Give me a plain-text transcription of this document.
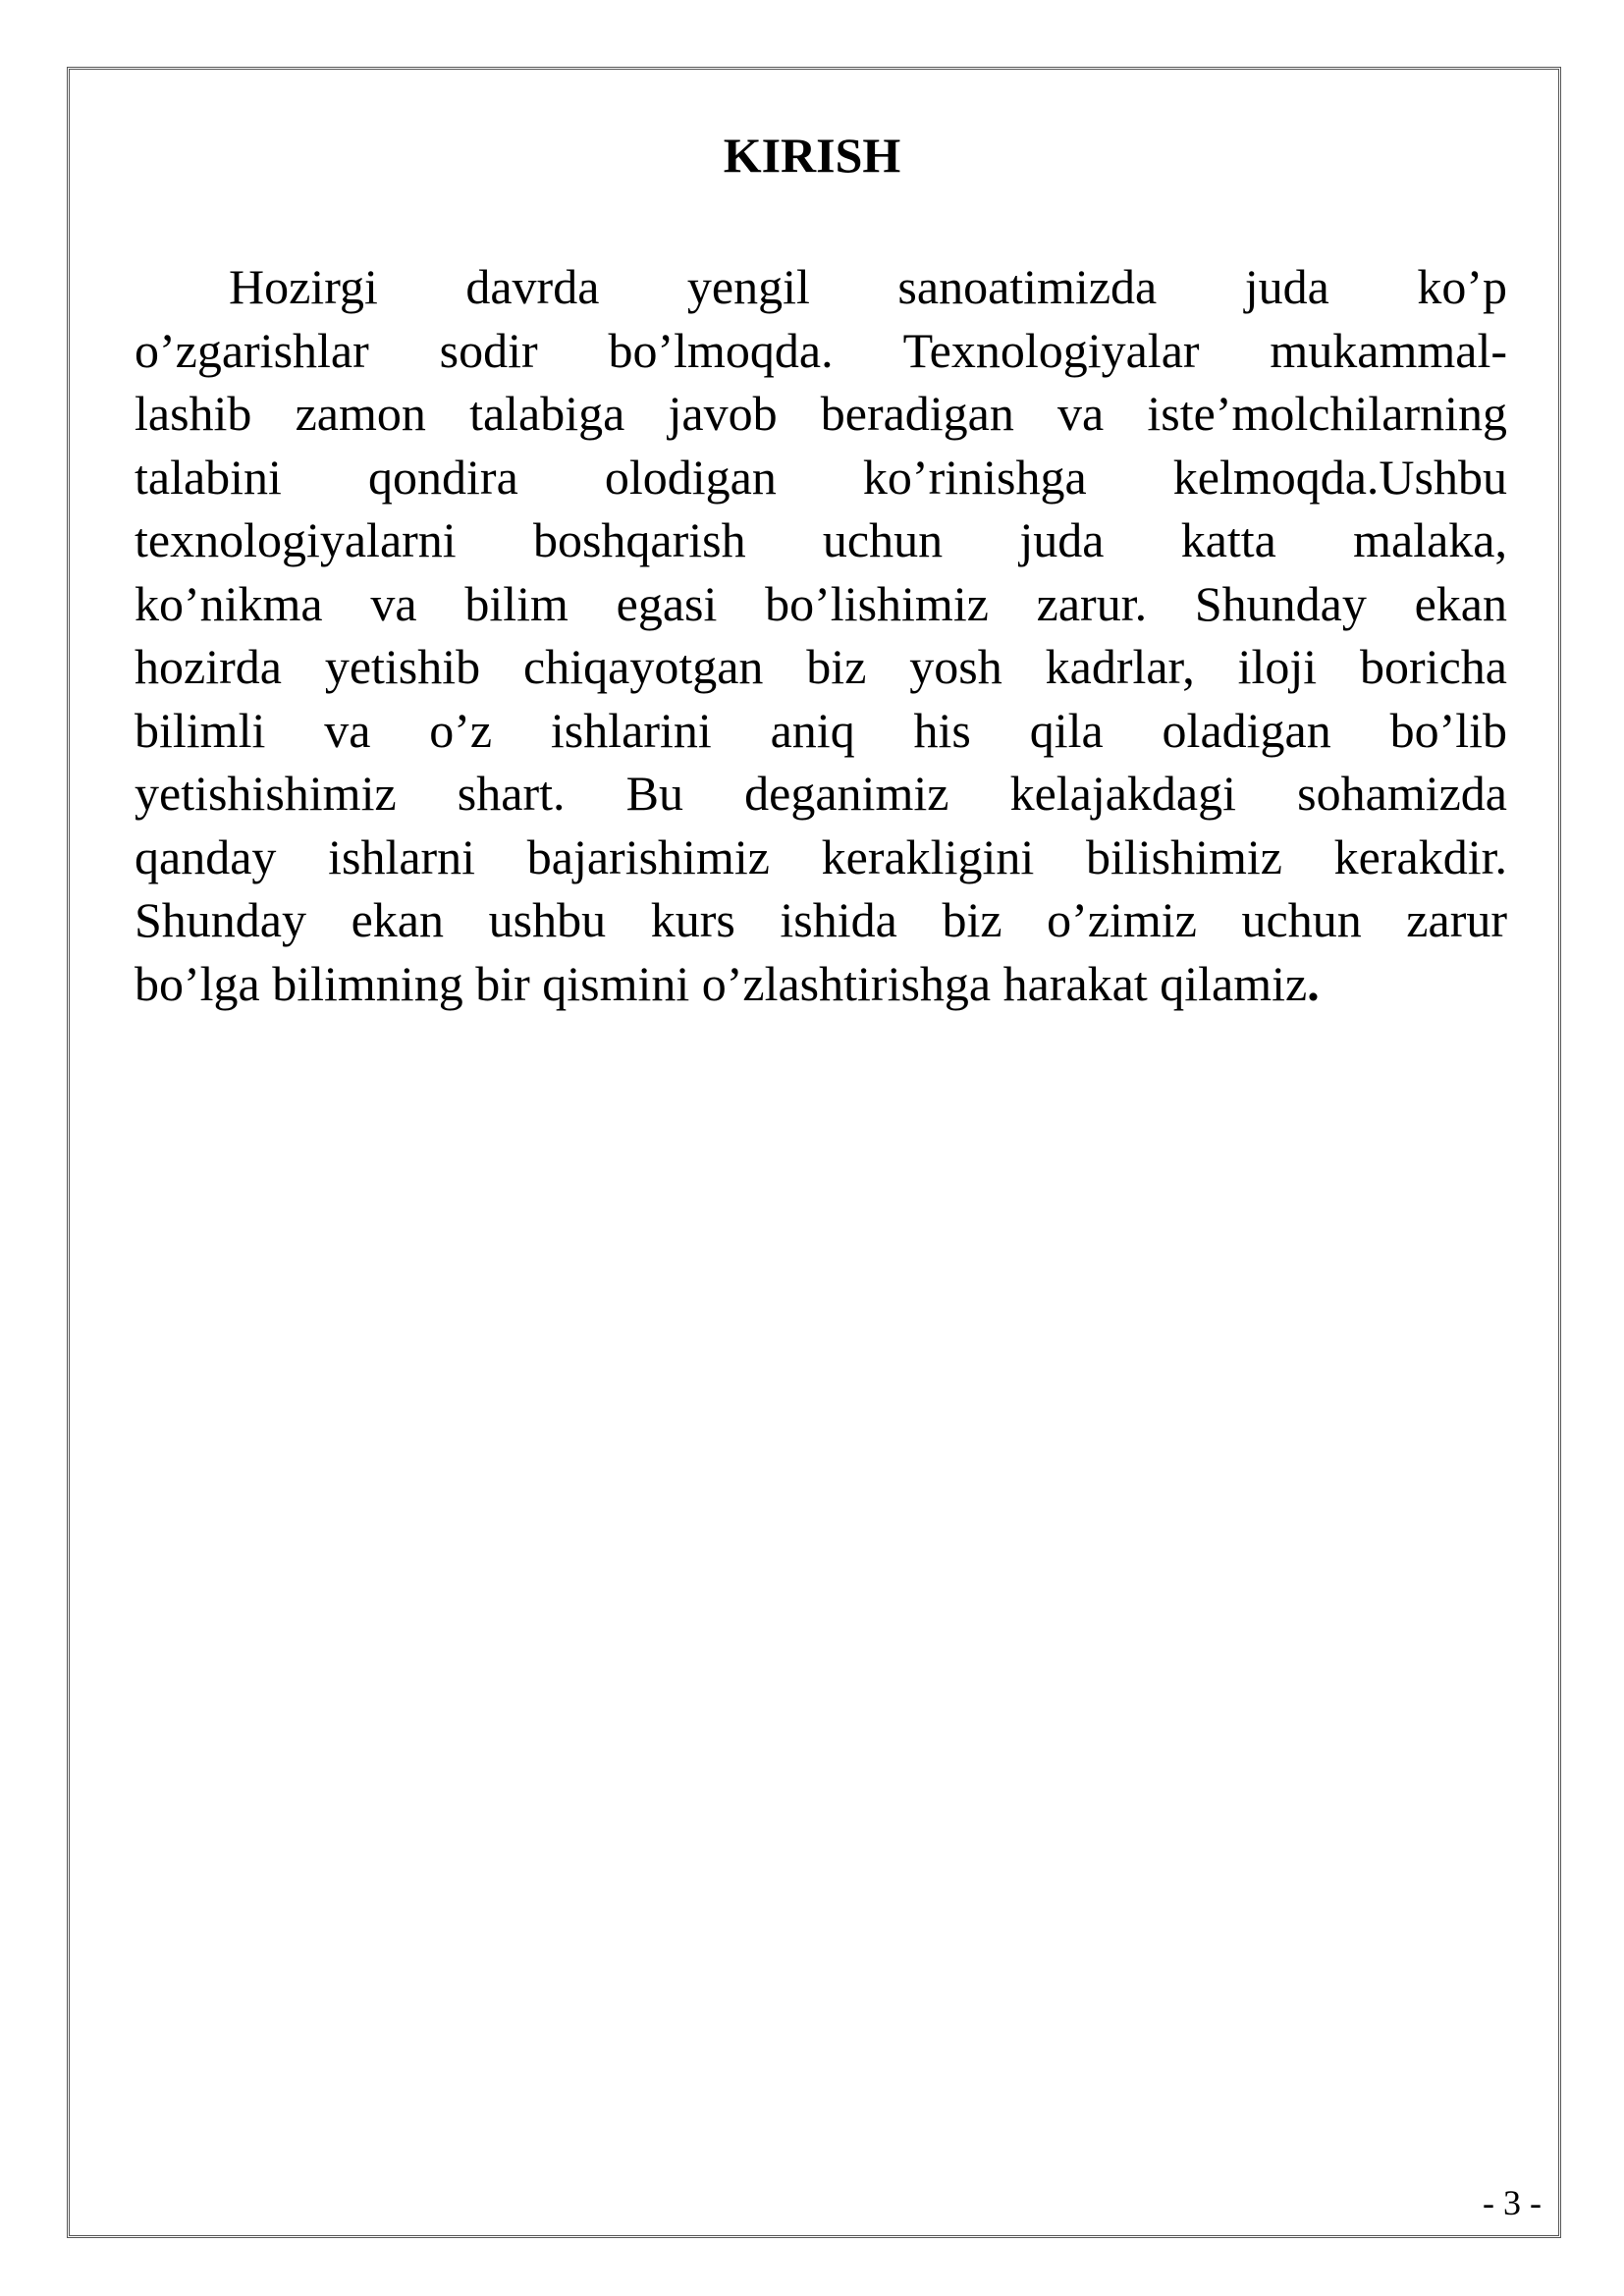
KIRISH
Hozirgi davrda yengil sanoatimizda juda ko’p
o’zgarishlar sodir bo’lmoqda. Texnologiyalar mukammal-
lashib zamon talabiga javob beradigan va iste’molchilarning
talabini qondira olodigan ko’rinishga kelmoqda.Ushbu
texnologiyalarni boshqarish uchun juda katta malaka,
ko’nikma va bilim egasi bo’lishimiz zarur. Shunday ekan
hozirda yetishib chiqayotgan biz yosh kadrlar, iloji boricha
bilimli va o’z ishlarini aniq his qila oladigan bo’lib
yetishishimiz shart. Bu deganimiz kelajakdagi sohamizda
qanday ishlarni bajarishimiz kerakligini bilishimiz kerakdir.
Shunday ekan ushbu kurs ishida biz o’zimiz uchun zarur
bo’lga bilimning bir qismini o’zlashtirishga harakat qilamiz.
- 3 -
